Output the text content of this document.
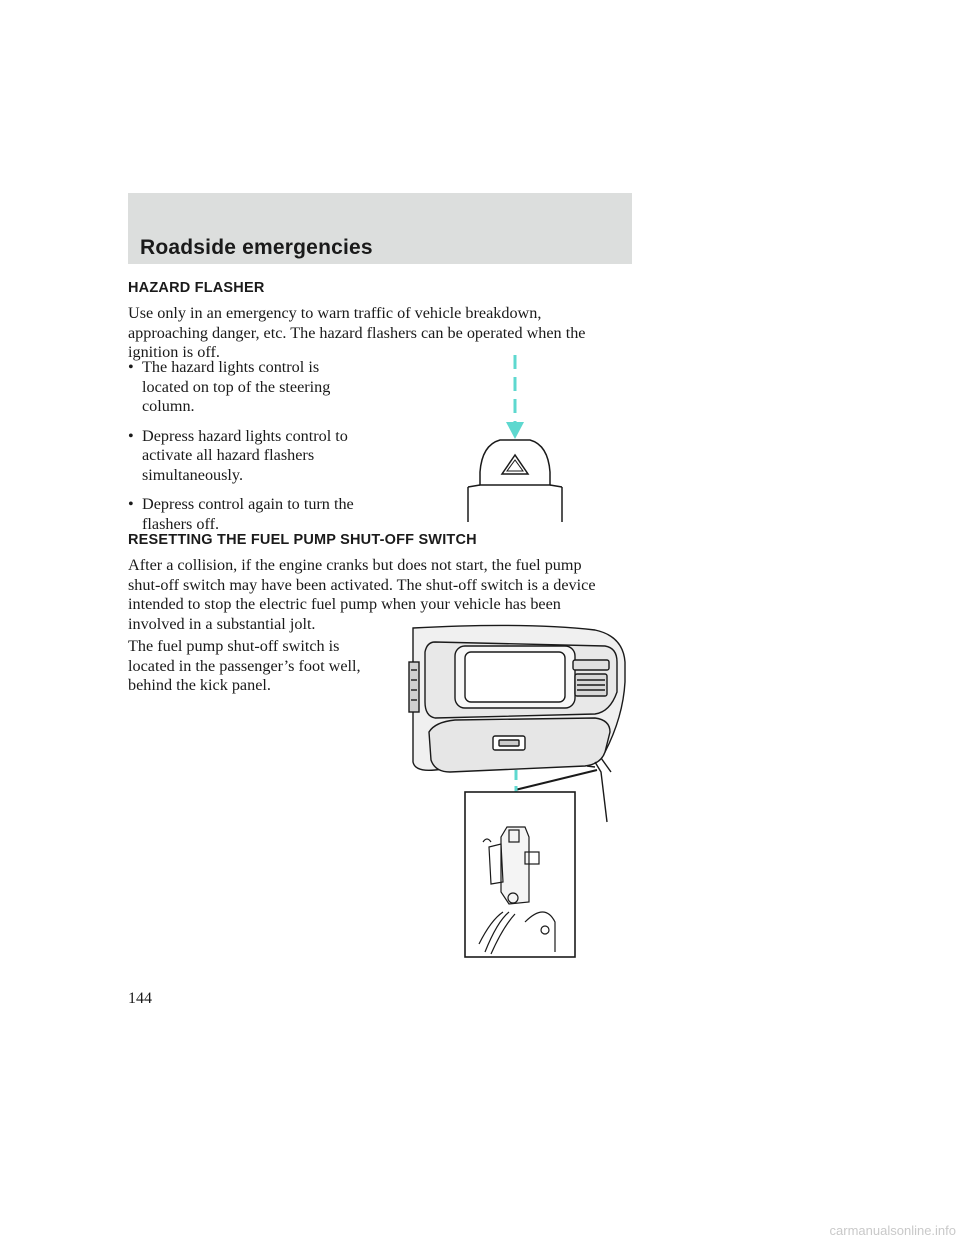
Roadside emergencies
HAZARD FLASHER
Use only in an emergency to warn traffic of vehicle breakdown,
approaching danger, etc. The hazard flashers can be operated when the
ignition is off.
• The hazard lights control is
located on top of the steering
column.
• Depress hazard lights control to
activate all hazard flashers
simultaneously.
• Depress control again to turn the
flashers off.
RESETTING THE FUEL PUMP SHUT-OFF SWITCH
After a collision, if the engine cranks but does not start, the fuel pump
shut-off switch may have been activated. The shut-off switch is a device
intended to stop the electric fuel pump when your vehicle has been
involved in a substantial jolt.
The fuel pump shut-off switch is
located in the passenger’s foot well,
behind the kick panel.
144
carmanualsonline.info
